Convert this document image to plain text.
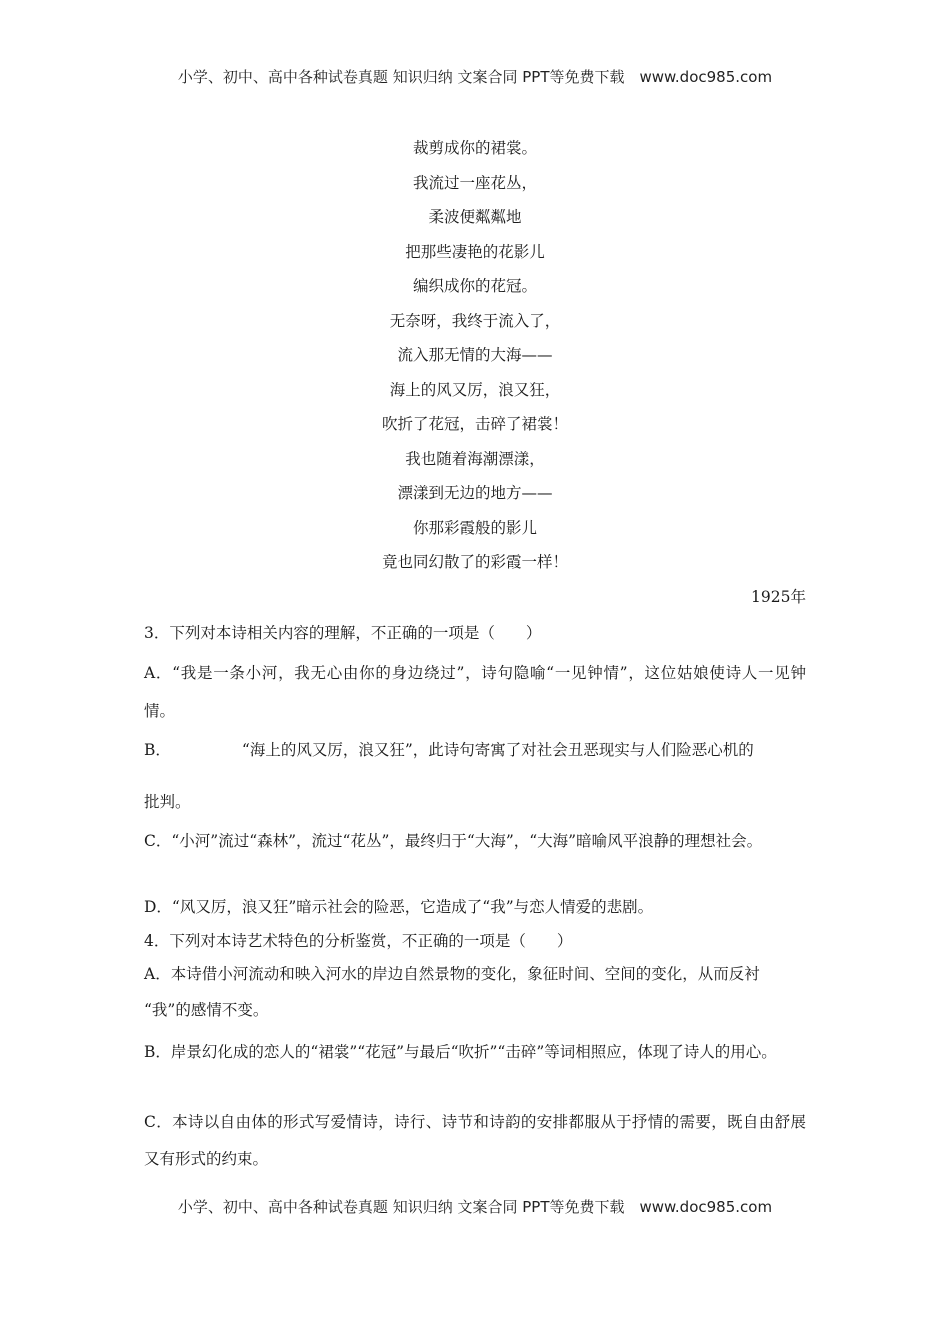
小学、初中、高中各种试卷真题 知识归纳 文案合同 PPT等免费下载　www.doc985.com
裁剪成你的裙裳。
我流过一座花丛，
柔波便粼粼地
把那些凄艳的花影儿
编织成你的花冠。
无奈呀，我终于流入了，
流入那无情的大海——
海上的风又厉，浪又狂，
吹折了花冠，击碎了裙裳！
我也随着海潮漂漾，
漂漾到无边的地方——
你那彩霞般的影儿
竟也同幻散了的彩霞一样！
1925年
3．下列对本诗相关内容的理解，不正确的一项是（　　）
A．“我是一条小河，我无心由你的身边绕过”，诗句隐喻“一见钟情”，这位姑娘使诗人一见钟情。
B．	“海上的风又厉，浪又狂”，此诗句寄寓了对社会丑恶现实与人们险恶心机的
批判。
C．“小河”流过“森林”，流过“花丛”，最终归于“大海”，“大海”暗喻风平浪静的理想社会。
D．“风又厉，浪又狂”暗示社会的险恶，它造成了“我”与恋人情爱的悲剧。
4．下列对本诗艺术特色的分析鉴赏，不正确的一项是（　　）
A．本诗借小河流动和映入河水的岸边自然景物的变化，象征时间、空间的变化，从而反衬
“我”的感情不变。
B．岸景幻化成的恋人的“裙裳”“花冠”与最后“吹折”“击碎”等词相照应，体现了诗人的用心。
C．本诗以自由体的形式写爱情诗，诗行、诗节和诗韵的安排都服从于抒情的需要，既自由舒展又有形式的约束。
小学、初中、高中各种试卷真题 知识归纳 文案合同 PPT等免费下载　www.doc985.com
